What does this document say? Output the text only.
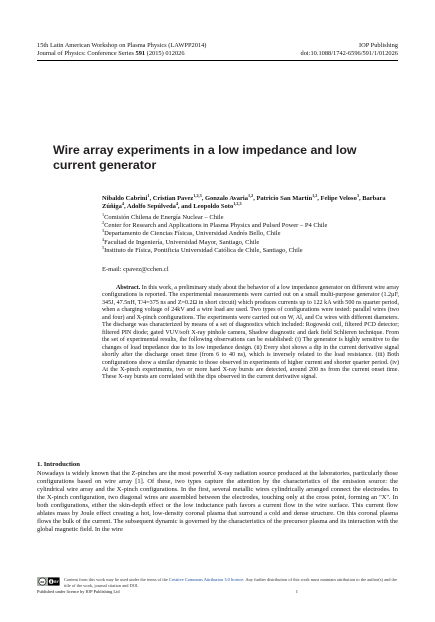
15th Latin American Workshop on Plasma Physics (LAWPP2014)	IOP Publishing
Journal of Physics: Conference Series 591 (2015) 012026	doi:10.1088/1742-6596/591/1/012026
Wire array experiments in a low impedance and low current generator
Nibaldo Cabrini$^1$, Cristian Pavez$^{1,2,3}$, Gonzalo Avaria$^{1,2}$, Patricio San Martín$^{1,2}$, Felipe Veloso$^3$, Barbara Zúñiga$^4$, Adolfo Sepúlveda$^4$, and Leopoldo Soto$^{1,2,3}$
$^1$Comisión Chilena de Energía Nuclear – Chile
$^2$Center for Research and Applications in Plasma Physics and Pulsed Power – P4 Chile
$^3$Departamento de Ciencias Físicas, Universidad Andrés Bello, Chile
$^4$Facultad de Ingeniería, Universidad Mayor, Santiago, Chile
$^5$Instituto de Física, Pontificia Universidad Católica de Chile, Santiago, Chile
E-mail: cpavez@cchen.cl

Abstract. In this work, a preliminary study about the behavior of a low impedance generator on different wire array configurations is reported. The experimental measurements were carried out on a small multi-purpose generator (1.2µF, 345J, 47.5nH, T/4=375 ns and Z=0.2Ω in short circuit) which produces currents up to 122 kA with 500 ns quarter period, when a charging voltage of 24kV and a wire load are used. Two types of configurations were tested: parallel wires (two and four) and X-pinch configurations. The experiments were carried out on W, Al, and Cu wires with different diameters. The discharge was characterized by means of a set of diagnostics which included: Rogowski coil, filtered PCD detector; filtered PIN diode; gated VUV/soft X-ray pinhole camera, Shadow diagnostic and dark field Schlieren technique. From the set of experimental results, the following observations can be established: (i) The generator is highly sensitive to the changes of load impedance due to its low impedance design. (ii) Every shot shows a dip in the current derivative signal shortly after the discharge onset time (from 6 to 40 ns), which is inversely related to the load resistance. (iii) Both configurations show a similar dynamic to those observed in experiments of higher current and shorter quarter period. (iv) At the X-pinch experiments, two or more hard X-ray bursts are detected, around 200 ns from the current onset time. These X-ray bursts are correlated with the dips observed in the current derivative signal.

1. Introduction

Nowadays is widely known that the Z-pinches are the most powerful X-ray radiation source produced at the laboratories, particularly those configurations based on wire array [1]. Of these, two types capture the attention by the characteristics of the emission source: the cylindrical wire array and the X-pinch configurations. In the first, several metallic wires cylindrically arranged connect the electrodes. In the X-pinch configuration, two diagonal wires are assembled between the electrodes, touching only at the cross point, forming an "X". In both configurations, either the skin-depth effect or the low inductance path favors a current flow in the wire surface. This current flow ablates mass by Joule effect creating a hot, low-density coronal plasma that surround a cold and dense structure. On this coronal plasma flows the bulk of the current. The subsequent dynamic is governed by the characteristics of the precursor plasma and its interaction with the global magnetic field. In the wire

cc	BY Content from this work may be used under the terms of the Creative Commons Attribution 3.0 licence. Any further distribution of this work must maintain attribution to the author(s) and the title of the work, journal citation and DOI.
Published under licence by IOP Publishing Ltd	1
